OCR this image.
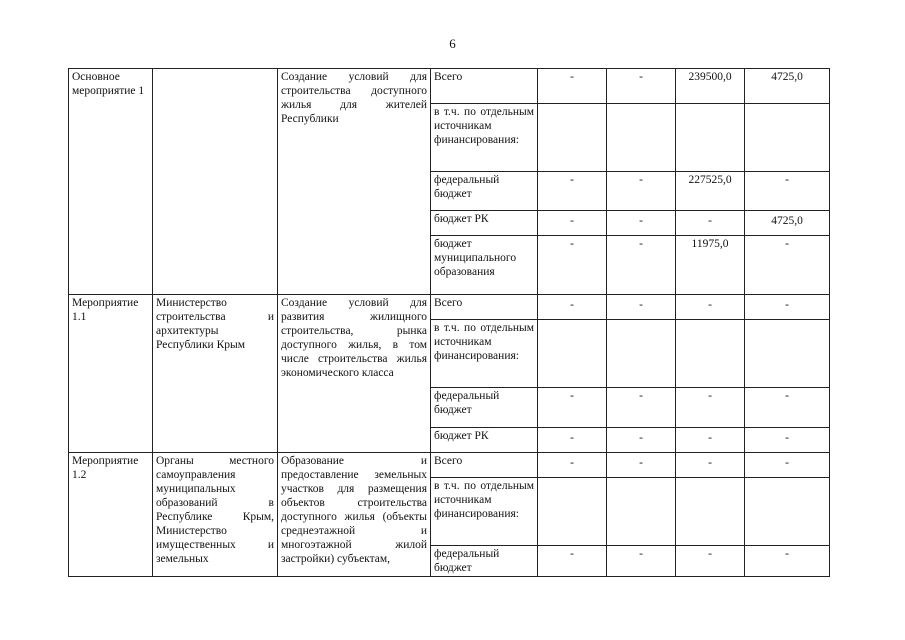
6
Основное мероприятие 1		Создание условий для строительства доступного жилья для жителей Республики	Всего	-	-	239500,0	4725,0
			в т.ч. по отдельным источникам финансирования:				
			федеральный бюджет	-	-	227525,0	-
			бюджет РК	-	-	-	4725,0
			бюджет муниципального образования	-	-	11975,0	-
Мероприятие 1.1	Министерство строительства и архитектуры Республики Крым	Создание условий для развития жилищного строительства, рынка доступного жилья, в том числе строительства жилья экономического класса	Всего	-	-	-	-
			в т.ч. по отдельным источникам финансирования:				
			федеральный бюджет	-	-	-	-
			бюджет РК	-	-	-	-
Мероприятие 1.2	Органы местного самоуправления муниципальных образований в Республике Крым, Министерство имущественных и земельных	Образование и предоставление земельных участков для размещения объектов строительства доступного жилья (объекты среднеэтажной и многоэтажной жилой застройки) субъектам,	Всего	-	-	-	-
			в т.ч. по отдельным источникам финансирования:				
			федеральный бюджет	-	-	-	-
